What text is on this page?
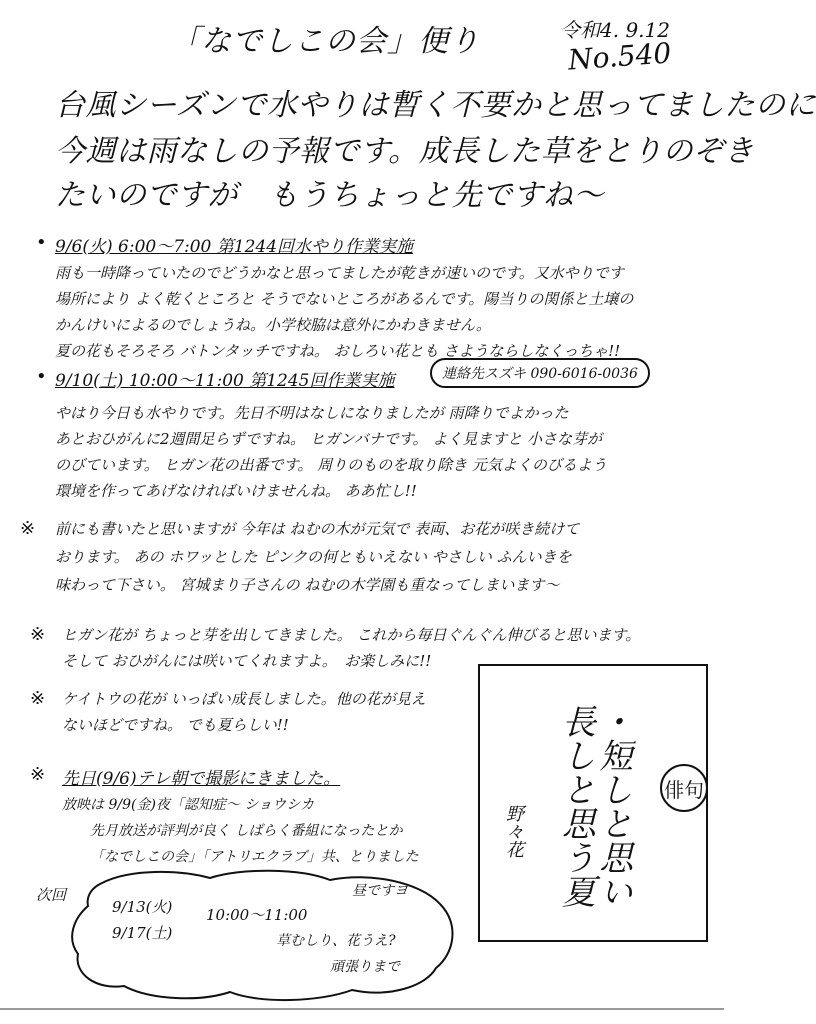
「なでしこの会」便り	令和4. 9.12
No.540
台風シーズンで水やりは暫く不要かと思ってましたのに
今週は雨なしの予報です。成長した草をとりのぞき
たいのですが　もうちょっと先ですね〜
• 9/6(火) 6:00〜7:00 第1244回水やり作業実施
雨も一時降っていたのでどうかなと思ってましたが乾きが速いのです。又水やりです
場所により よく乾くところと そうでないところがあるんです。陽当りの関係と土壌の
かんけいによるのでしょうね。小学校脇は意外にかわきません。
夏の花もそろそろ バトンタッチですね。 おしろい花とも さようならしなくっちゃ!!
• 9/10(土) 10:00〜11:00 第1245回作業実施	連絡先スズキ 090-6016-0036
やはり今日も水やりです。先日不明はなしになりましたが 雨降りでよかった
あとおひがんに2週間足らずですね。 ヒガンバナです。 よく見ますと 小さな芽が
のびています。 ヒガン花の出番です。 周りのものを取り除き 元気よくのびるよう
環境を作ってあげなければいけませんね。 ああ忙し!!
※ 前にも書いたと思いますが 今年は ねむの木が元気で 表両、お花が咲き続けて
おります。 あの ホワッとした ピンクの何ともいえない やさしい ふんいきを
味わって下さい。 宮城まり子さんの ねむの木学園も重なってしまいます〜
※ ヒガン花が ちょっと芽を出してきました。 これから毎日ぐんぐん伸びると思います。
そして おひがんには咲いてくれますよ。　お楽しみに!!
※ ケイトウの花が いっぱい成長しました。他の花が見え
ないほどですね。 でも夏らしい!!
※ 先日(9/6)テレ朝で撮影にきました。
放映は 9/9(金)夜「認知症〜 ショウシカ
先月放送が評判が良く しばらく番組になったとか
「なでしこの会」「アトリエクラブ」共、とりました
次回
9/13(火)
9/17(土)
10:00〜11:00
昼ですヨ
草むしり、花うえ?
頑張りまで
俳句
・短しと思い長しと思う夏
野々花
